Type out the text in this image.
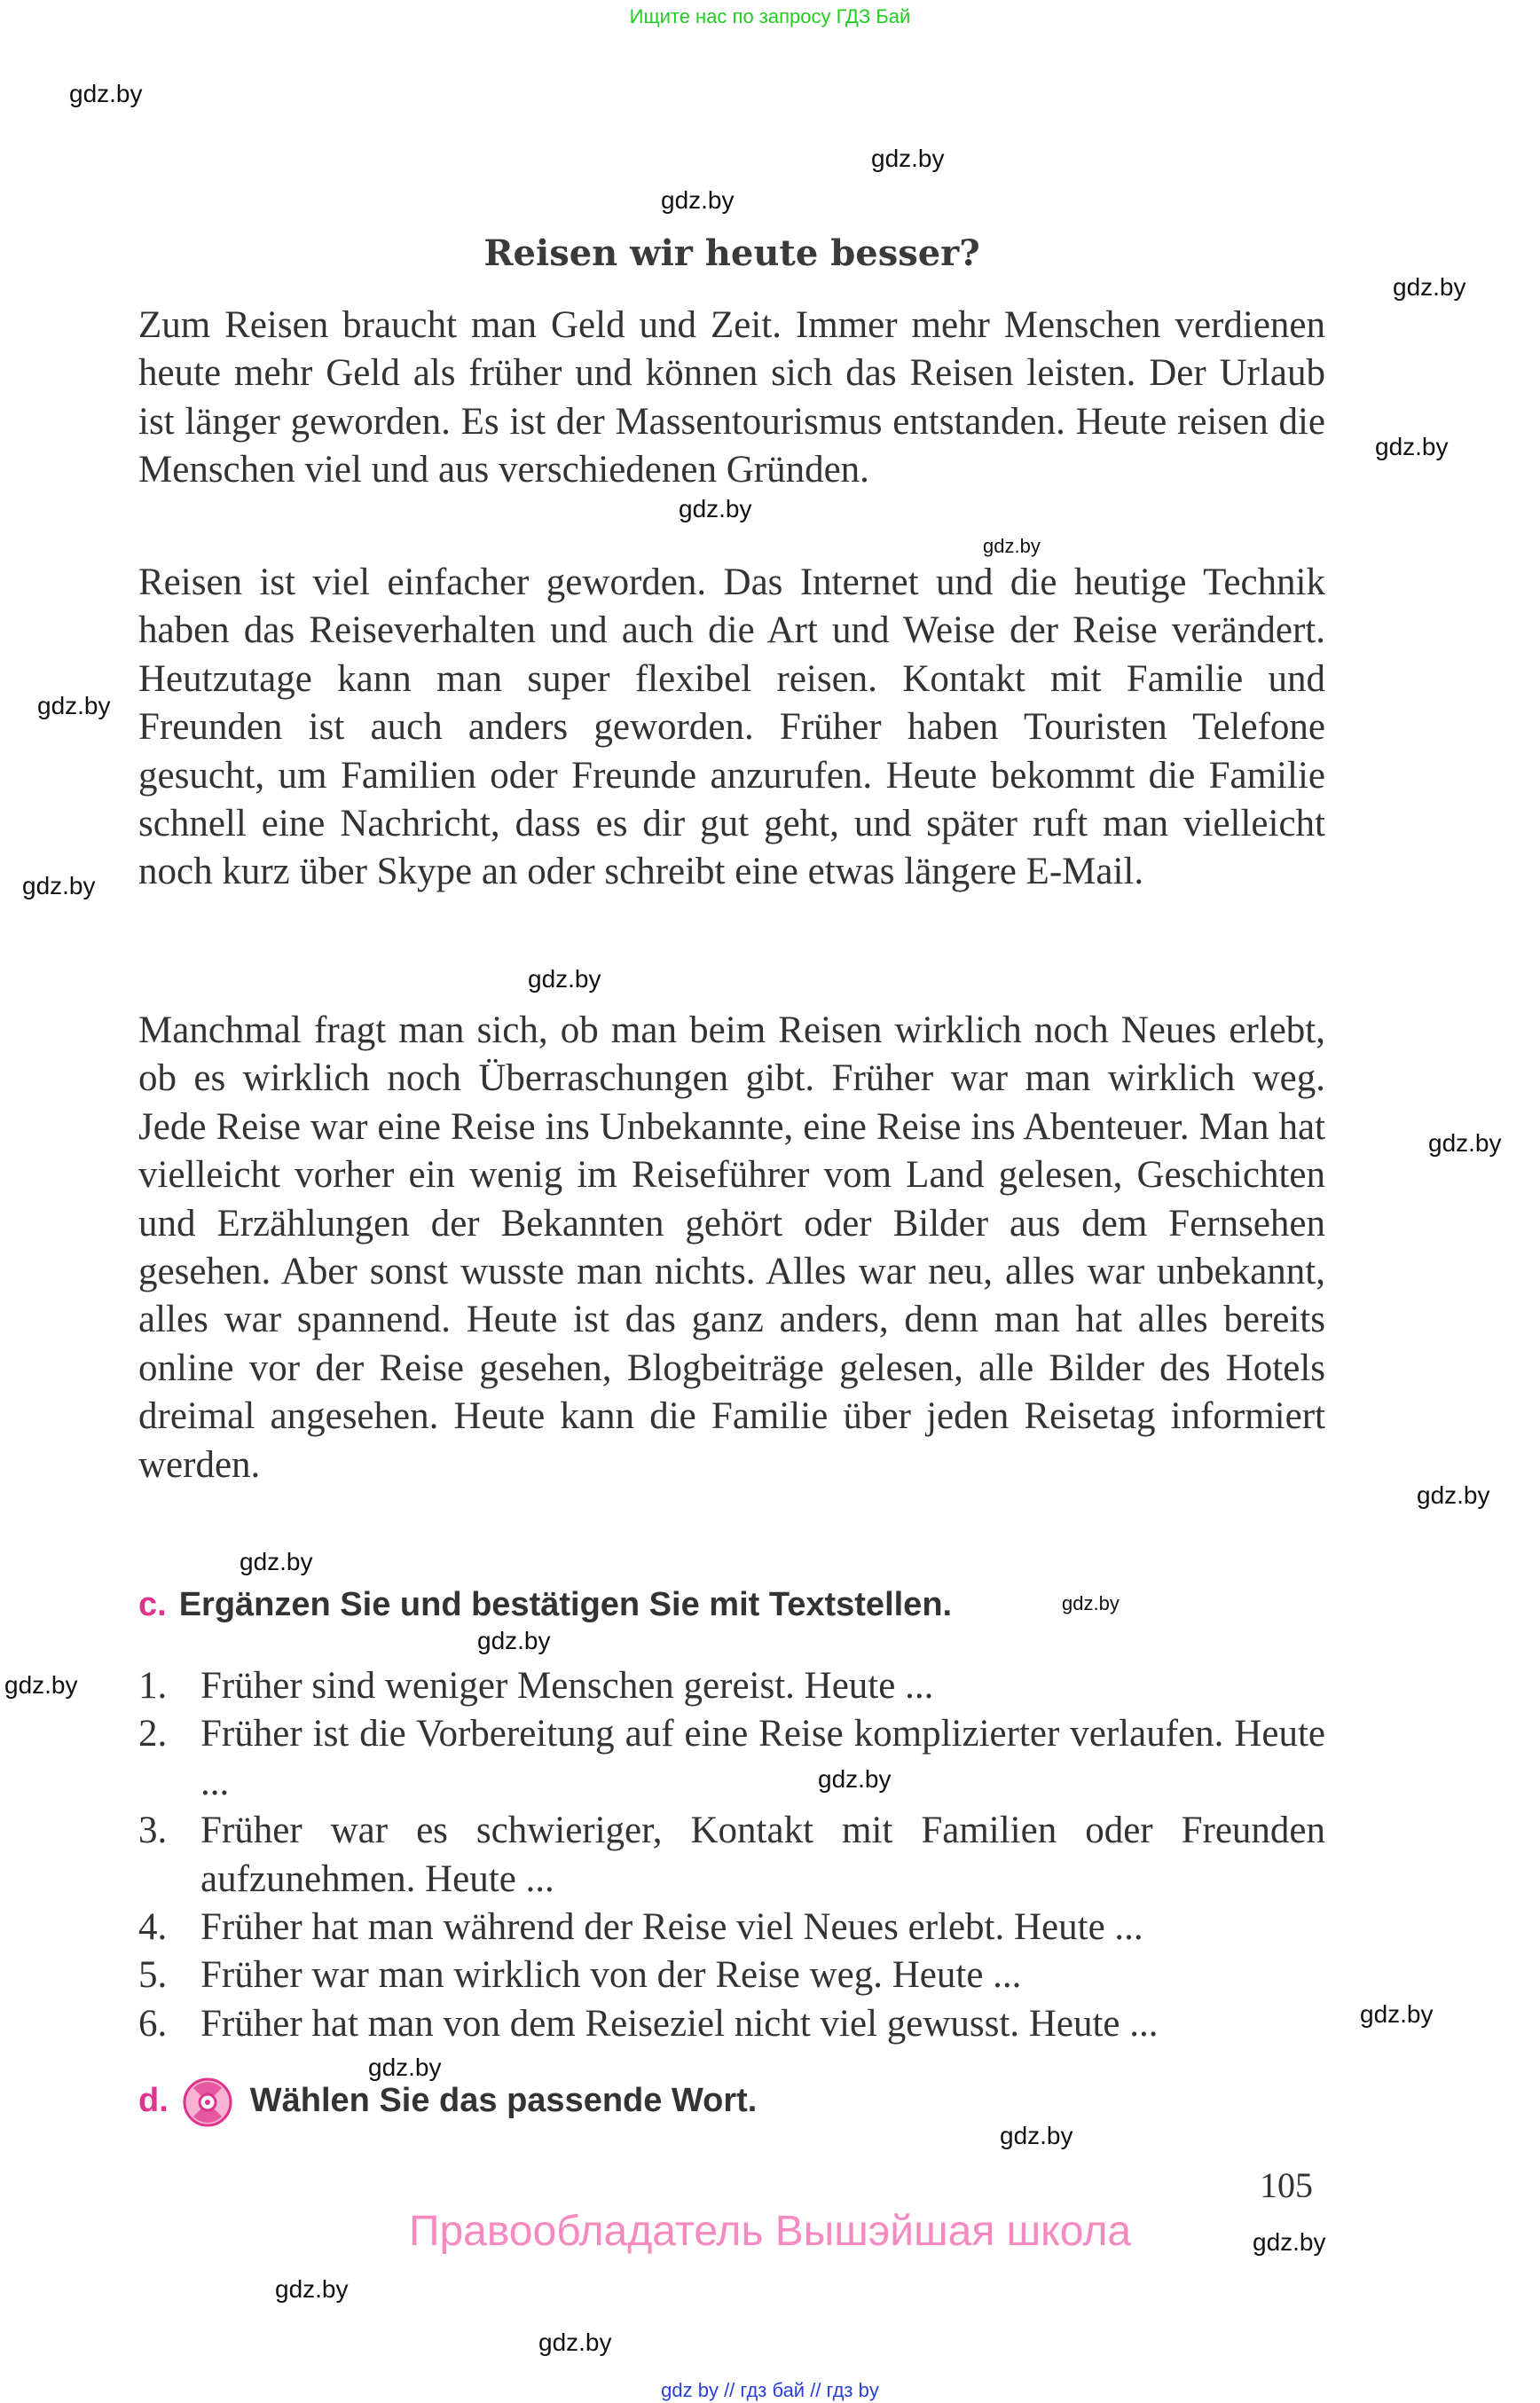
Ищите нас по запросу ГДЗ Бай
gdz.by
gdz.by
gdz.by
gdz.by
gdz.by
gdz.by
gdz.by
gdz.by
gdz.by
gdz.by
gdz.by
gdz.by
gdz.by
gdz.by
gdz.by
gdz.by
gdz.by
gdz.by
gdz.by
gdz.by
gdz.by
gdz.by
gdz.by
Reisen wir heute besser?
Zum Reisen braucht man Geld und Zeit. Immer mehr Menschen verdienen heute mehr Geld als früher und können sich das Reisen leisten. Der Urlaub ist länger geworden. Es ist der Massentourismus entstanden. Heute reisen die Menschen viel und aus verschiedenen Gründen.
Reisen ist viel einfacher geworden. Das Internet und die heutige Technik haben das Reiseverhalten und auch die Art und Weise der Reise verändert. Heutzutage kann man super flexibel reisen. Kontakt mit Familie und Freunden ist auch anders geworden. Früher haben Touristen Telefone gesucht, um Familien oder Freunde anzurufen. Heute bekommt die Familie schnell eine Nachricht, dass es dir gut geht, und später ruft man vielleicht noch kurz über Skype an oder schreibt eine etwas längere E-Mail.
Manchmal fragt man sich, ob man beim Reisen wirklich noch Neues erlebt, ob es wirklich noch Überraschungen gibt. Früher war man wirklich weg. Jede Reise war eine Reise ins Unbekannte, eine Reise ins Abenteuer. Man hat vielleicht vorher ein wenig im Reiseführer vom Land gelesen, Geschichten und Erzählungen der Bekannten gehört oder Bilder aus dem Fernsehen gesehen. Aber sonst wusste man nichts. Alles war neu, alles war unbekannt, alles war spannend. Heute ist das ganz anders, denn man hat alles bereits online vor der Reise gesehen, Blogbeiträge gelesen, alle Bilder des Hotels dreimal angesehen. Heute kann die Familie über jeden Reisetag informiert werden.
c. Ergänzen Sie und bestätigen Sie mit Textstellen.
1. Früher sind weniger Menschen gereist. Heute ...
2. Früher ist die Vorbereitung auf eine Reise komplizierter verlaufen. Heute ...
3. Früher war es schwieriger, Kontakt mit Familien oder Freunden aufzunehmen. Heute ...
4. Früher hat man während der Reise viel Neues erlebt. Heute ...
5. Früher war man wirklich von der Reise weg. Heute ...
6. Früher hat man von dem Reiseziel nicht viel gewusst. Heute ...
d. Wählen Sie das passende Wort.
105
Правообладатель Вышэйшая школа
gdz by // гдз бай // гдз by
